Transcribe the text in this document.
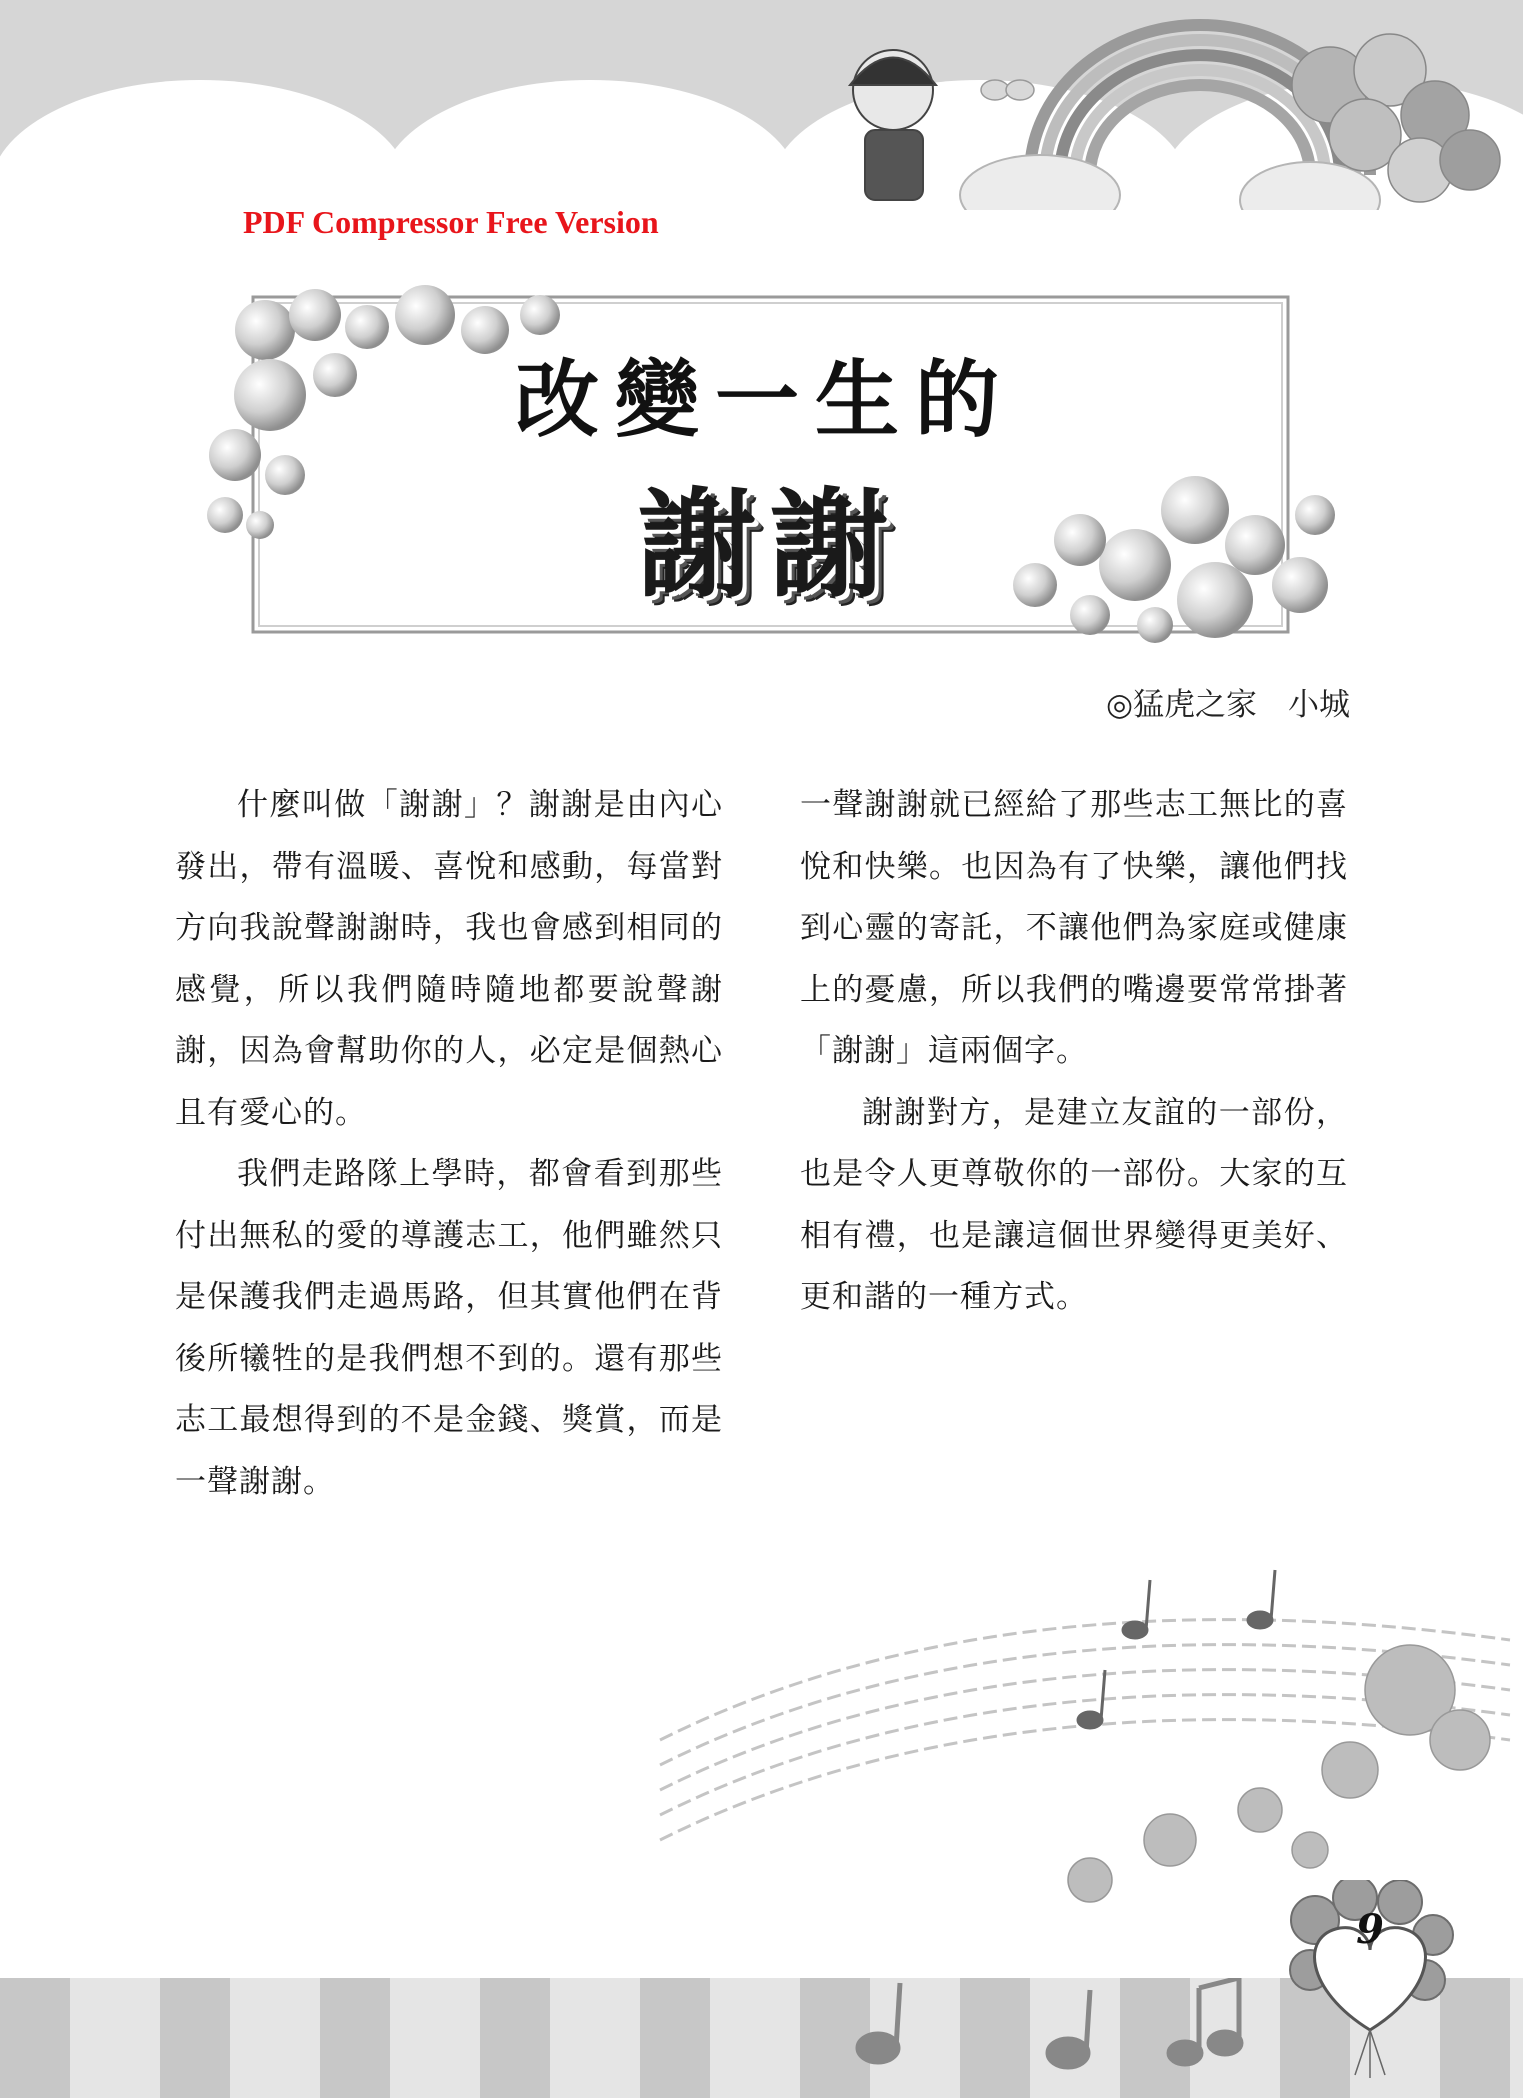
PDF Compressor Free Version
改變一生的
謝謝
◎猛虎之家　小城

什麼叫做「謝謝」？謝謝是由內心發出，帶有溫暖、喜悅和感動，每當對方向我說聲謝謝時，我也會感到相同的感覺，所以我們隨時隨地都要說聲謝謝，因為會幫助你的人，必定是個熱心且有愛心的。

我們走路隊上學時，都會看到那些付出無私的愛的導護志工，他們雖然只是保護我們走過馬路，但其實他們在背後所犧牲的是我們想不到的。還有那些志工最想得到的不是金錢、獎賞，而是一聲謝謝。

一聲謝謝就已經給了那些志工無比的喜悅和快樂。也因為有了快樂，讓他們找到心靈的寄託，不讓他們為家庭或健康上的憂慮，所以我們的嘴邊要常常掛著「謝謝」這兩個字。

謝謝對方，是建立友誼的一部份，也是令人更尊敬你的一部份。大家的互相有禮，也是讓這個世界變得更美好、更和諧的一種方式。

9
